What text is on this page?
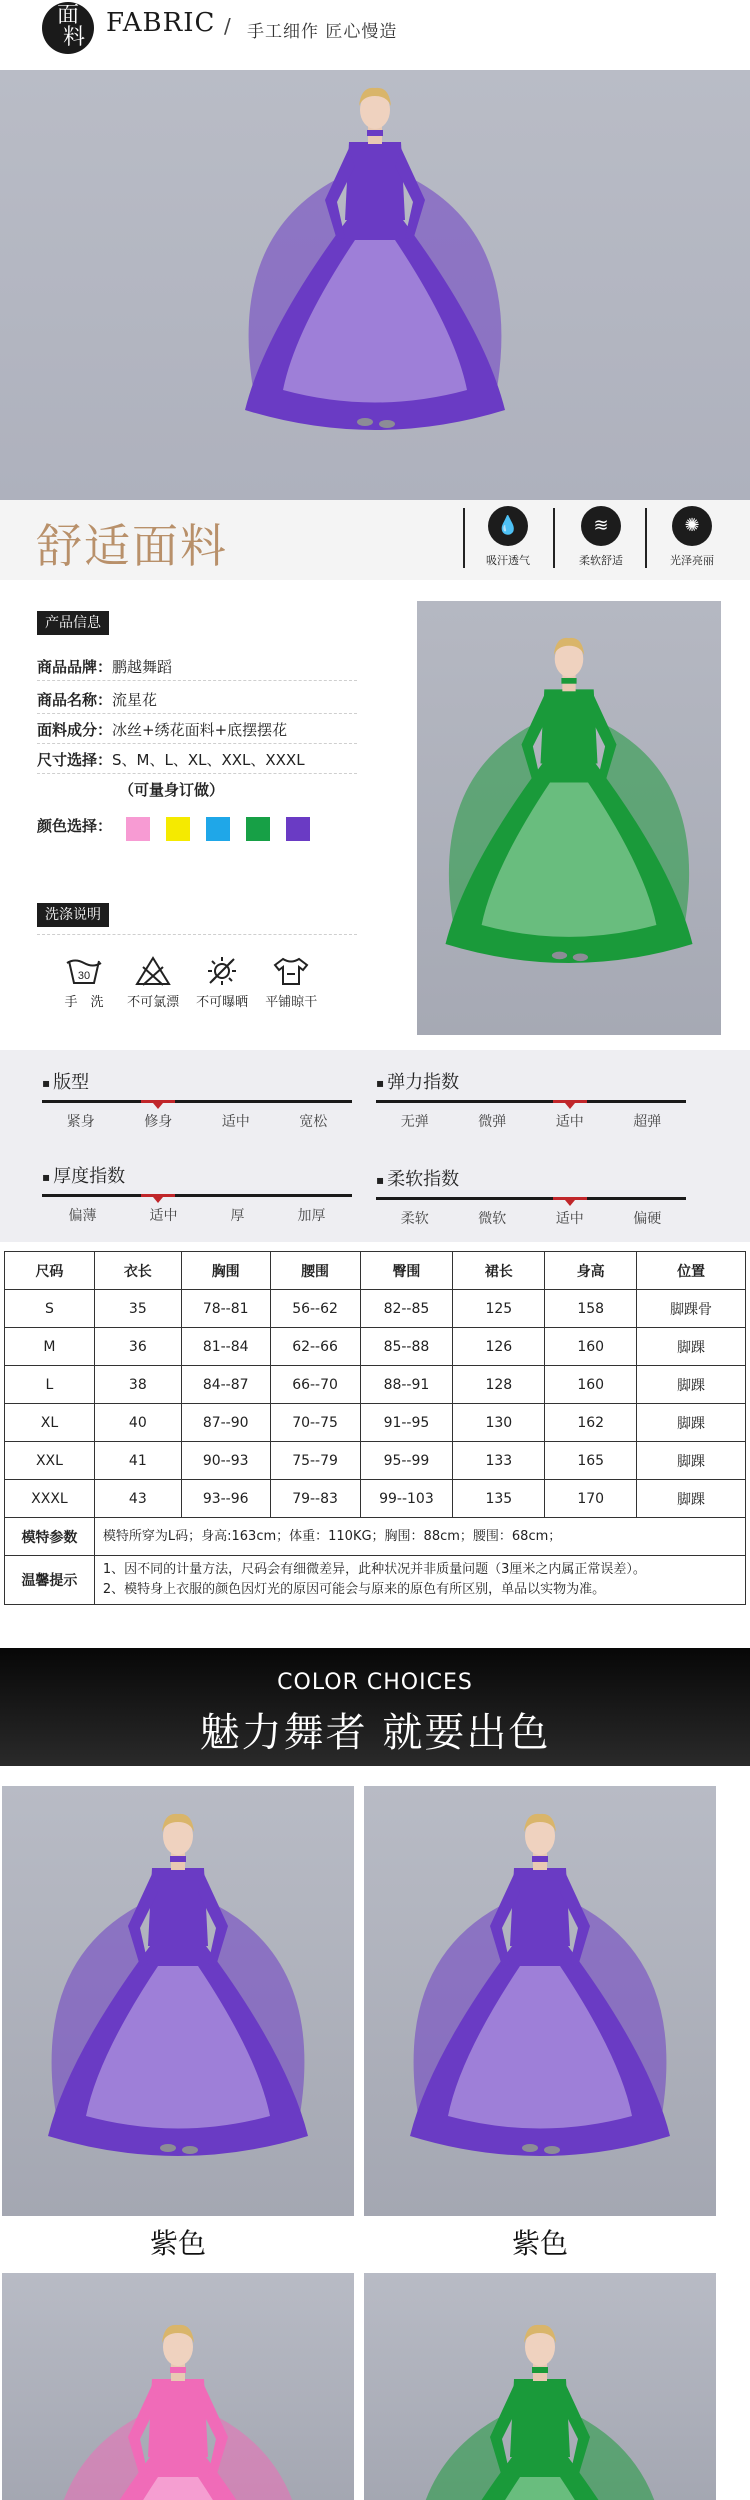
面
料 FABRIC / 手工细作 匠心慢造
舒适面料	💧
吸汗透气
≋
柔软舒适
✺
光泽亮丽
产品信息
商品品牌：鹏越舞蹈
商品名称：流星花
面料成分：冰丝+绣花面料+底摆摆花
尺寸选择：S、M、L、XL、XXL、XXXL
（可量身订做）
颜色选择：
洗涤说明
30
手　洗
	不可氯漂
	不可曝晒
	平铺晾干
▪ 版型
紧身	修身	适中	宽松
▪ 弹力指数
无弹	微弹	适中	超弹
▪ 厚度指数
偏薄	适中	厚	加厚
▪ 柔软指数
柔软	微软	适中	偏硬
尺码	衣长	胸围	腰围	臀围	裙长	身高	位置
S	35	78--81	56--62	82--85	125	158	脚踝骨
M	36	81--84	62--66	85--88	126	160	脚踝
L	38	84--87	66--70	88--91	128	160	脚踝
XL	40	87--90	70--75	91--95	130	162	脚踝
XXL	41	90--93	75--79	95--99	133	165	脚踝
XXXL	43	93--96	79--83	99--103	135	170	脚踝
模特参数	模特所穿为L码；身高:163cm；体重：110KG；胸围：88cm；腰围：68cm；						
温馨提示	1、因不同的计量方法，尺码会有细微差异，此种状况并非质量问题（3厘米之内属正常误差）。
2、模特身上衣服的颜色因灯光的原因可能会与原来的原色有所区别，单品以实物为准。						
COLOR CHOICES
魅力舞者 就要出色
紫色	紫色
